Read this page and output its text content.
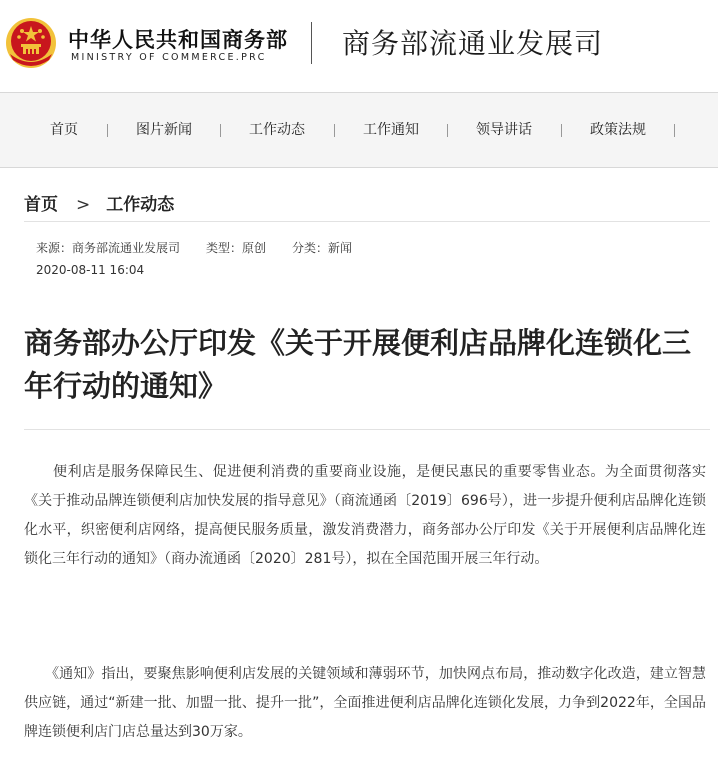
中华人民共和国商务部
MINISTRY OF COMMERCE.PRC	商务部流通业发展司
首页	图片新闻	工作动态	工作通知	领导讲话	政策法规
首页 > 工作动态
来源：商务部流通业发展司 类型：原创 分类：新闻
2020-08-11 16:04
商务部办公厅印发《关于开展便利店品牌化连锁化三年行动的通知》

　　便利店是服务保障民生、促进便利消费的重要商业设施，是便民惠民的重要零售业态。为全面贯彻落实《关于推动品牌连锁便利店加快发展的指导意见》（商流通函〔2019〕696号），进一步提升便利店品牌化连锁化水平，织密便利店网络，提高便民服务质量，激发消费潜力，商务部办公厅印发《关于开展便利店品牌化连锁化三年行动的通知》（商办流通函〔2020〕281号），拟在全国范围开展三年行动。

　　《通知》指出，要聚焦影响便利店发展的关键领域和薄弱环节，加快网点布局，推动数字化改造，建立智慧供应链，通过“新建一批、加盟一批、提升一批”，全面推进便利店品牌化连锁化发展，力争到2022年，全国品牌连锁便利店门店总量达到30万家。
